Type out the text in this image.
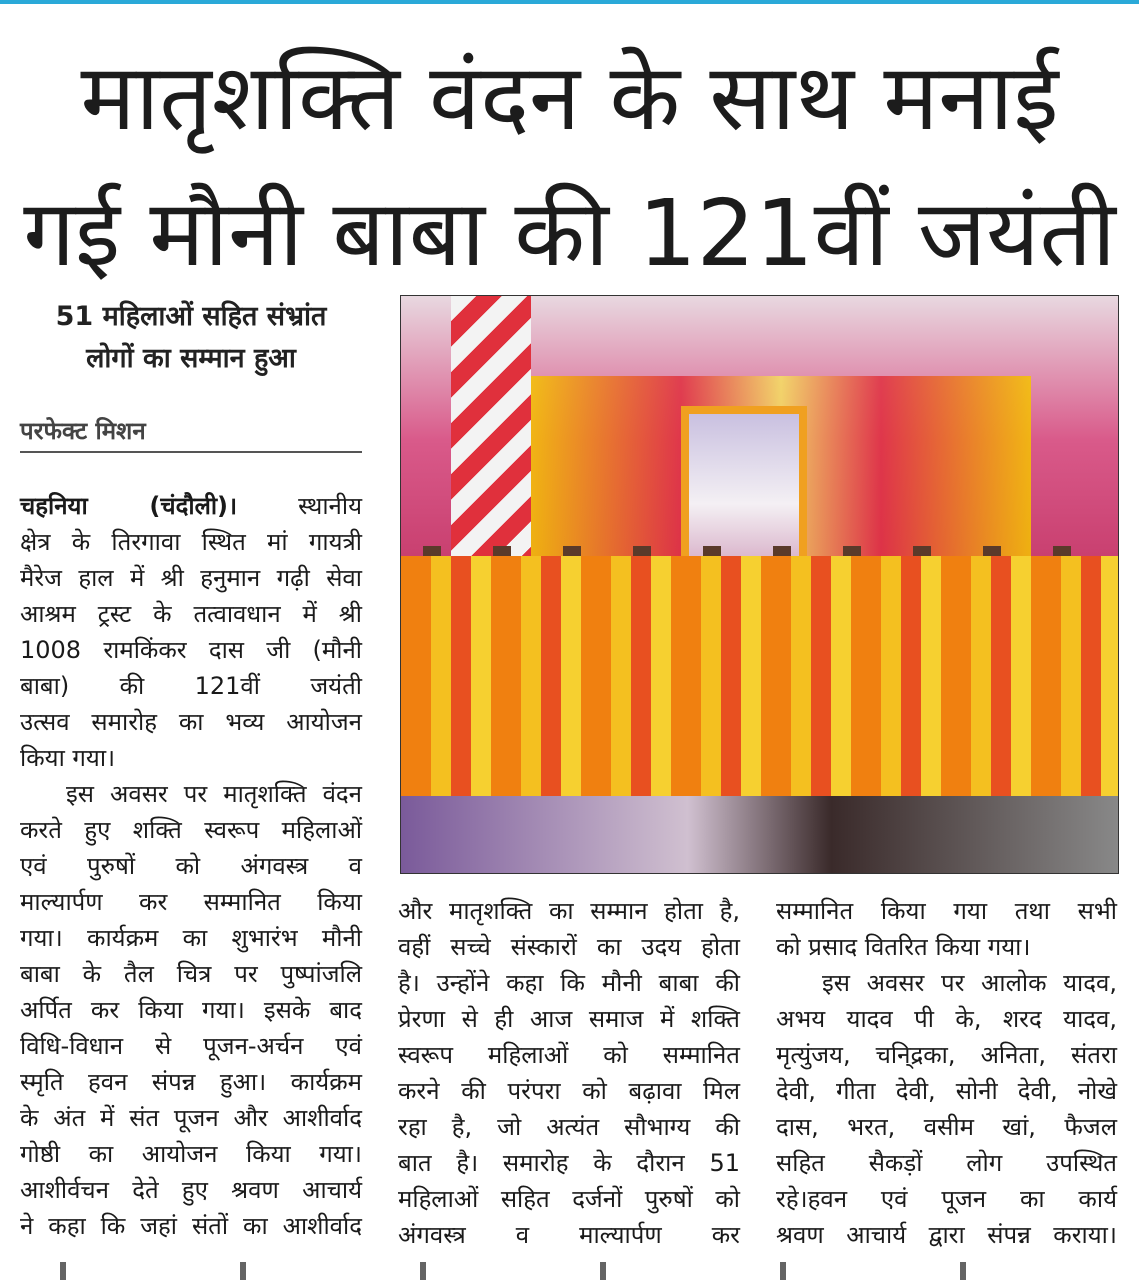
मातृशक्ति वंदन के साथ मनाई
गई मौनी बाबा की 121वीं जयंती
51 महिलाओं सहित संभ्रांत
लोगों का सम्मान हुआ
परफेक्ट मिशन
चहनिया (चंदौली)। स्थानीय
क्षेत्र के तिरगावा स्थित मां गायत्री
मैरेज हाल में श्री हनुमान गढ़ी सेवा
आश्रम ट्रस्ट के तत्वावधान में श्री
1008 रामकिंकर दास जी (मौनी
बाबा) की 121वीं जयंती
उत्सव समारोह का भव्य आयोजन
किया गया।
इस अवसर पर मातृशक्ति वंदन
करते हुए शक्ति स्वरूप महिलाओं
एवं पुरुषों को अंगवस्त्र व
माल्यार्पण कर सम्मानित किया
गया। कार्यक्रम का शुभारंभ मौनी
बाबा के तैल चित्र पर पुष्पांजलि
अर्पित कर किया गया। इसके बाद
विधि-विधान से पूजन-अर्चन एवं
स्मृति हवन संपन्न हुआ। कार्यक्रम
के अंत में संत पूजन और आशीर्वाद
गोष्ठी का आयोजन किया गया।
आशीर्वचन देते हुए श्रवण आचार्य
ने कहा कि जहां संतों का आशीर्वाद
और मातृशक्ति का सम्मान होता है,
वहीं सच्चे संस्कारों का उदय होता
है। उन्होंने कहा कि मौनी बाबा की
प्रेरणा से ही आज समाज में शक्ति
स्वरूप महिलाओं को सम्मानित
करने की परंपरा को बढ़ावा मिल
रहा है, जो अत्यंत सौभाग्य की
बात है। समारोह के दौरान 51
महिलाओं सहित दर्जनों पुरुषों को
अंगवस्त्र व माल्यार्पण कर
सम्मानित किया गया तथा सभी
को प्रसाद वितरित किया गया।
इस अवसर पर आलोक यादव,
अभय यादव पी के, शरद यादव,
मृत्युंजय, चनि्द्रका, अनिता, संतरा
देवी, गीता देवी, सोनी देवी, नोखे
दास, भरत, वसीम खां, फैजल
सहित सैकड़ों लोग उपस्थित
रहे।हवन एवं पूजन का कार्य
श्रवण आचार्य द्वारा संपन्न कराया।
